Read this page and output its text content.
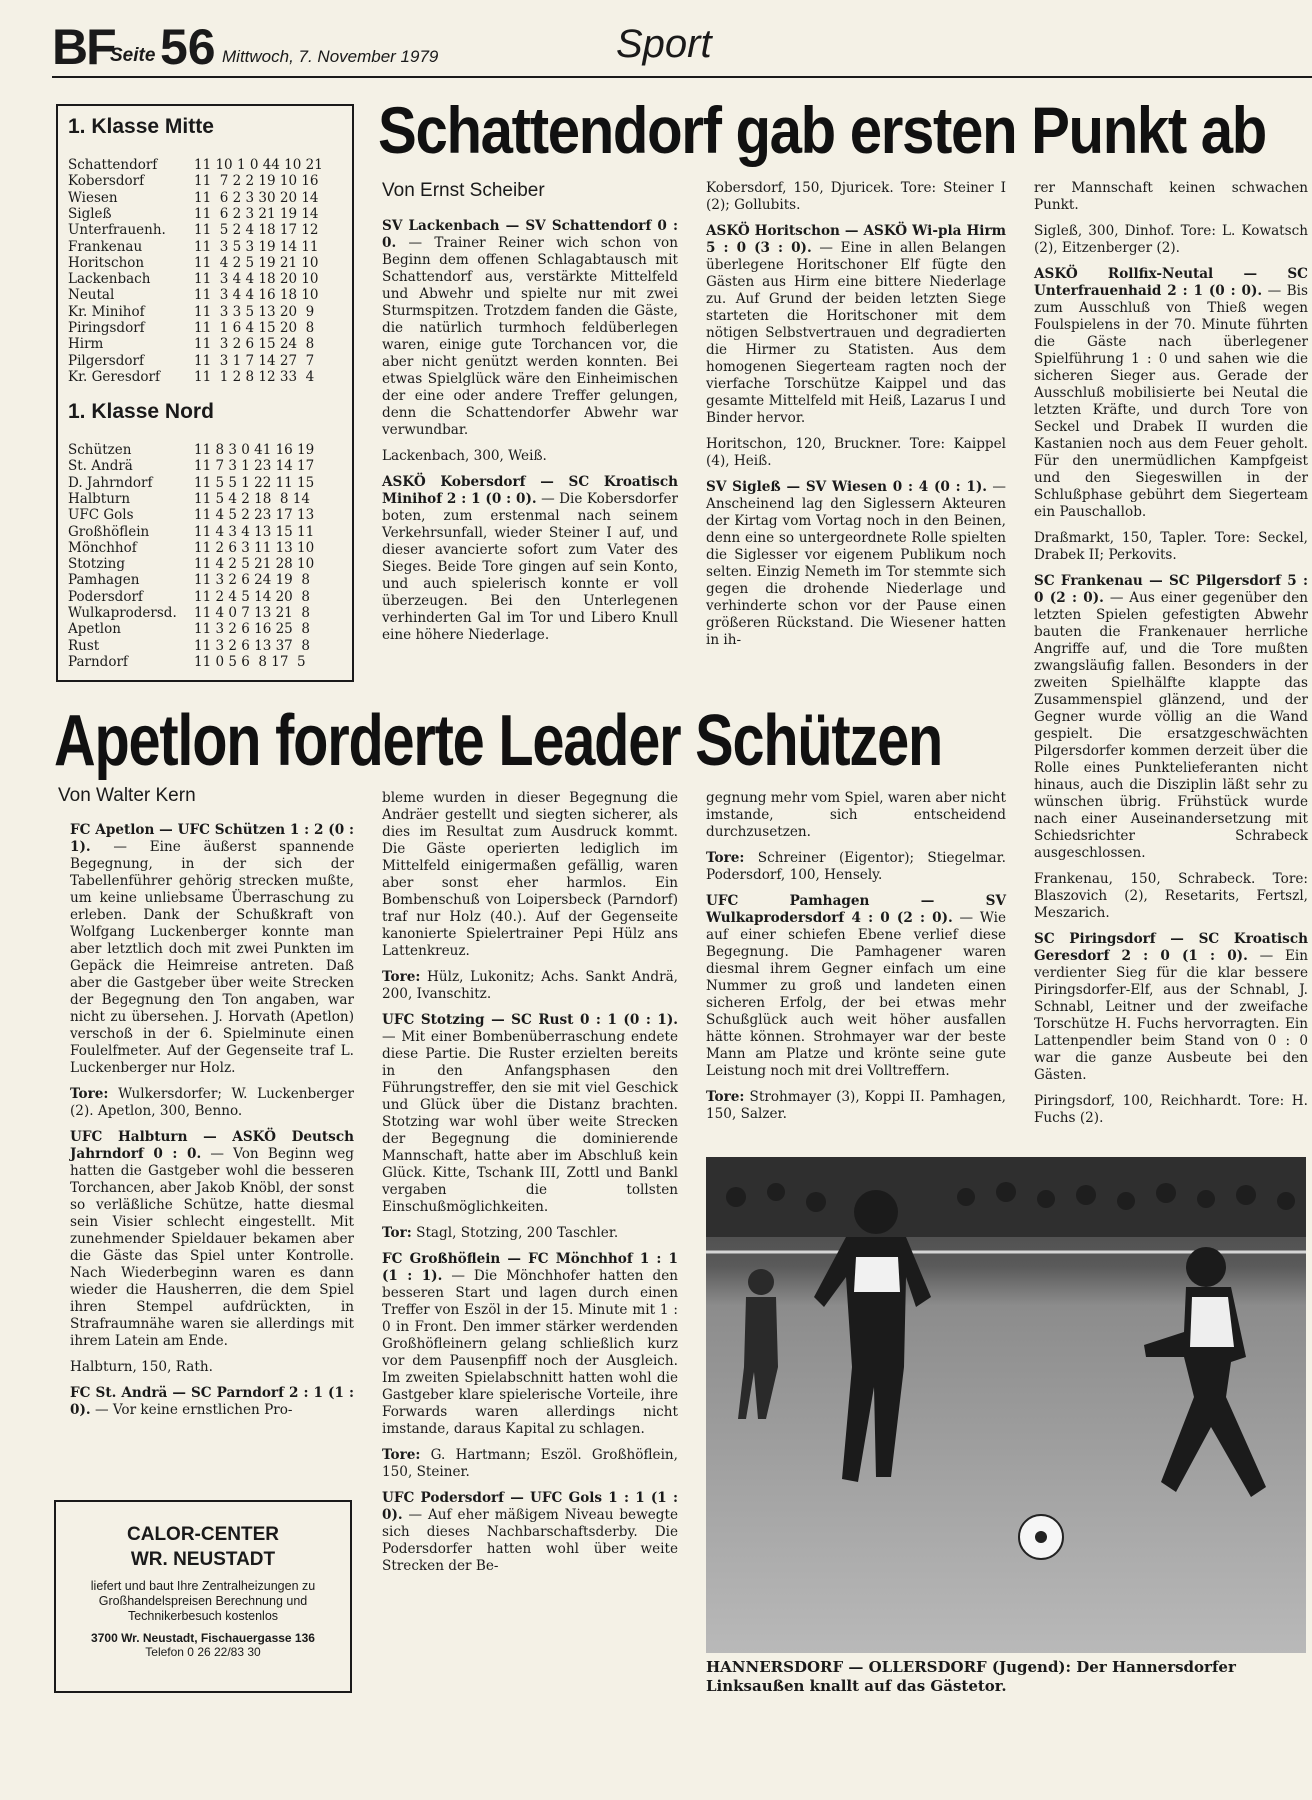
BF
Seite 56 Mittwoch, 7. November 1979	Sport
1. Klasse Mitte
Schattendorf	11 10 1 0 44 10 21
Kobersdorf	11  7 2 2 19 10 16
Wiesen	11  6 2 3 30 20 14
Sigleß	11  6 2 3 21 19 14
Unterfrauenh. 11  5 2 4 18 17 12
Frankenau	11  3 5 3 19 14 11
Horitschon	11  4 2 5 19 21 10
Lackenbach	11  3 4 4 18 20 10
Neutal	11  3 4 4 16 18 10
Kr. Minihof	11  3 3 5 13 20  9
Piringsdorf	11  1 6 4 15 20  8
Hirm	11  3 2 6 15 24  8
Pilgersdorf	11  3 1 7 14 27  7
Kr. Geresdorf	11  1 2 8 12 33  4
1. Klasse Nord
Schützen	11 8 3 0 41 16 19
St. Andrä	11 7 3 1 23 14 17
D. Jahrndorf	11 5 5 1 22 11 15
Halbturn	11 5 4 2 18  8 14
UFC Gols	11 4 5 2 23 17 13
Großhöflein	11 4 3 4 13 15 11
Mönchhof	11 2 6 3 11 13 10
Stotzing	11 4 2 5 21 28 10
Pamhagen	11 3 2 6 24 19  8
Podersdorf	11 2 4 5 14 20  8
Wulkaprodersd. 11 4 0 7 13 21  8
Apetlon	11 3 2 6 16 25  8
Rust	11 3 2 6 13 37  8
Parndorf	11 0 5 6  8 17  5
Schattendorf gab ersten Punkt ab
Von Ernst Scheiber

SV Lackenbach — SV Schattendorf 0 : 0. — Trainer Reiner wich schon von Beginn dem offenen Schlagabtausch mit Schattendorf aus, verstärkte Mittelfeld und Abwehr und spielte nur mit zwei Sturmspitzen. Trotzdem fanden die Gäste, die natürlich turmhoch feldüberlegen waren, einige gute Torchancen vor, die aber nicht genützt werden konnten. Bei etwas Spielglück wäre den Einheimischen der eine oder andere Treffer gelungen, denn die Schattendorfer Abwehr war verwundbar.

Lackenbach, 300, Weiß.

ASKÖ Kobersdorf — SC Kroatisch Minihof 2 : 1 (0 : 0). — Die Kobersdorfer boten, zum erstenmal nach seinem Verkehrsunfall, wieder Steiner I auf, und dieser avancierte sofort zum Vater des Sieges. Beide Tore gingen auf sein Konto, und auch spielerisch konnte er voll überzeugen. Bei den Unterlegenen verhinderten Gal im Tor und Libero Knull eine höhere Niederlage.

Kobersdorf, 150, Djuricek. Tore: Steiner I (2); Gollubits.

ASKÖ Horitschon — ASKÖ Wi-pla Hirm 5 : 0 (3 : 0). — Eine in allen Belangen überlegene Horitschoner Elf fügte den Gästen aus Hirm eine bittere Niederlage zu. Auf Grund der beiden letzten Siege starteten die Horitschoner mit dem nötigen Selbstvertrauen und degradierten die Hirmer zu Statisten. Aus dem homogenen Siegerteam ragten noch der vierfache Torschütze Kaippel und das gesamte Mittelfeld mit Heiß, Lazarus I und Binder hervor.

Horitschon, 120, Bruckner. Tore: Kaippel (4), Heiß.

SV Sigleß — SV Wiesen 0 : 4 (0 : 1). — Anscheinend lag den Siglessern Akteuren der Kirtag vom Vortag noch in den Beinen, denn eine so untergeordnete Rolle spielten die Siglesser vor eigenem Publikum noch selten. Einzig Nemeth im Tor stemmte sich gegen die drohende Niederlage und verhinderte schon vor der Pause einen größeren Rückstand. Die Wiesener hatten in ih-

rer Mannschaft keinen schwachen Punkt.

Sigleß, 300, Dinhof. Tore: L. Kowatsch (2), Eitzenberger (2).

ASKÖ Rollfix-Neutal — SC Unterfrauenhaid 2 : 1 (0 : 0). — Bis zum Ausschluß von Thieß wegen Foulspielens in der 70. Minute führten die Gäste nach überlegener Spielführung 1 : 0 und sahen wie die sicheren Sieger aus. Gerade der Ausschluß mobilisierte bei Neutal die letzten Kräfte, und durch Tore von Seckel und Drabek II wurden die Kastanien noch aus dem Feuer geholt. Für den unermüdlichen Kampfgeist und den Siegeswillen in der Schlußphase gebührt dem Siegerteam ein Pauschallob.

Draßmarkt, 150, Tapler. Tore: Seckel, Drabek II; Perkovits.

SC Frankenau — SC Pilgersdorf 5 : 0 (2 : 0). — Aus einer gegenüber den letzten Spielen gefestigten Abwehr bauten die Frankenauer herrliche Angriffe auf, und die Tore mußten zwangsläufig fallen. Besonders in der zweiten Spielhälfte klappte das Zusammenspiel glänzend, und der Gegner wurde völlig an die Wand gespielt. Die ersatzgeschwächten Pilgersdorfer kommen derzeit über die Rolle eines Punktelieferanten nicht hinaus, auch die Disziplin läßt sehr zu wünschen übrig. Frühstück wurde nach einer Auseinandersetzung mit Schiedsrichter Schrabeck ausgeschlossen.

Frankenau, 150, Schrabeck. Tore: Blaszovich (2), Resetarits, Fertszl, Meszarich.

SC Piringsdorf — SC Kroatisch Geresdorf 2 : 0 (1 : 0). — Ein verdienter Sieg für die klar bessere Piringsdorfer-Elf, aus der Schnabl, J. Schnabl, Leitner und der zweifache Torschütze H. Fuchs hervorragten. Ein Lattenpendler beim Stand von 0 : 0 war die ganze Ausbeute bei den Gästen.

Piringsdorf, 100, Reichhardt. Tore: H. Fuchs (2).

Apetlon forderte Leader Schützen
Von Walter Kern

FC Apetlon — UFC Schützen 1 : 2 (0 : 1). — Eine äußerst spannende Begegnung, in der sich der Tabellenführer gehörig strecken mußte, um keine unliebsame Überraschung zu erleben. Dank der Schußkraft von Wolfgang Luckenberger konnte man aber letztlich doch mit zwei Punkten im Gepäck die Heimreise antreten. Daß aber die Gastgeber über weite Strecken der Begegnung den Ton angaben, war nicht zu übersehen. J. Horvath (Apetlon) verschoß in der 6. Spielminute einen Foulelfmeter. Auf der Gegenseite traf L. Luckenberger nur Holz.

Tore: Wulkersdorfer; W. Luckenberger (2). Apetlon, 300, Benno.

UFC Halbturn — ASKÖ Deutsch Jahrndorf 0 : 0. — Von Beginn weg hatten die Gastgeber wohl die besseren Torchancen, aber Jakob Knöbl, der sonst so verläßliche Schütze, hatte diesmal sein Visier schlecht eingestellt. Mit zunehmender Spieldauer bekamen aber die Gäste das Spiel unter Kontrolle. Nach Wiederbeginn waren es dann wieder die Hausherren, die dem Spiel ihren Stempel aufdrückten, in Strafraumnähe waren sie allerdings mit ihrem Latein am Ende.

Halbturn, 150, Rath.

FC St. Andrä — SC Parndorf 2 : 1 (1 : 0). — Vor keine ernstlichen Pro-

bleme wurden in dieser Begegnung die Andräer gestellt und siegten sicherer, als dies im Resultat zum Ausdruck kommt. Die Gäste operierten lediglich im Mittelfeld einigermaßen gefällig, waren aber sonst eher harmlos. Ein Bombenschuß von Loipersbeck (Parndorf) traf nur Holz (40.). Auf der Gegenseite kanonierte Spielertrainer Pepi Hülz ans Lattenkreuz.

Tore: Hülz, Lukonitz; Achs. Sankt Andrä, 200, Ivanschitz.

UFC Stotzing — SC Rust 0 : 1 (0 : 1). — Mit einer Bombenüberraschung endete diese Partie. Die Ruster erzielten bereits in den Anfangsphasen den Führungstreffer, den sie mit viel Geschick und Glück über die Distanz brachten. Stotzing war wohl über weite Strecken der Begegnung die dominierende Mannschaft, hatte aber im Abschluß kein Glück. Kitte, Tschank III, Zottl und Bankl vergaben die tollsten Einschußmöglichkeiten.

Tor: Stagl, Stotzing, 200 Taschler.

FC Großhöflein — FC Mönchhof 1 : 1 (1 : 1). — Die Mönchhofer hatten den besseren Start und lagen durch einen Treffer von Eszöl in der 15. Minute mit 1 : 0 in Front. Den immer stärker werdenden Großhöfleinern gelang schließlich kurz vor dem Pausenpfiff noch der Ausgleich. Im zweiten Spielabschnitt hatten wohl die Gastgeber klare spielerische Vorteile, ihre Forwards waren allerdings nicht imstande, daraus Kapital zu schlagen.

Tore: G. Hartmann; Eszöl. Großhöflein, 150, Steiner.

UFC Podersdorf — UFC Gols 1 : 1 (1 : 0). — Auf eher mäßigem Niveau bewegte sich dieses Nachbarschaftsderby. Die Podersdorfer hatten wohl über weite Strecken der Be-

gegnung mehr vom Spiel, waren aber nicht imstande, sich entscheidend durchzusetzen.

Tore: Schreiner (Eigentor); Stiegelmar. Podersdorf, 100, Hensely.

UFC Pamhagen — SV Wulkaprodersdorf 4 : 0 (2 : 0). — Wie auf einer schiefen Ebene verlief diese Begegnung. Die Pamhagener waren diesmal ihrem Gegner einfach um eine Nummer zu groß und landeten einen sicheren Erfolg, der bei etwas mehr Schußglück auch weit höher ausfallen hätte können. Strohmayer war der beste Mann am Platze und krönte seine gute Leistung noch mit drei Volltreffern.

Tore: Strohmayer (3), Koppi II. Pamhagen, 150, Salzer.

HANNERSDORF — OLLERSDORF (Jugend): Der Hannersdorfer Linksaußen knallt auf das Gästetor.
CALOR-CENTER
WR. NEUSTADT
liefert und baut Ihre Zentralheizungen zu Großhandelspreisen Berechnung und Technikerbesuch kostenlos
3700 Wr. Neustadt, Fischauergasse 136
Telefon 0 26 22/83 30
